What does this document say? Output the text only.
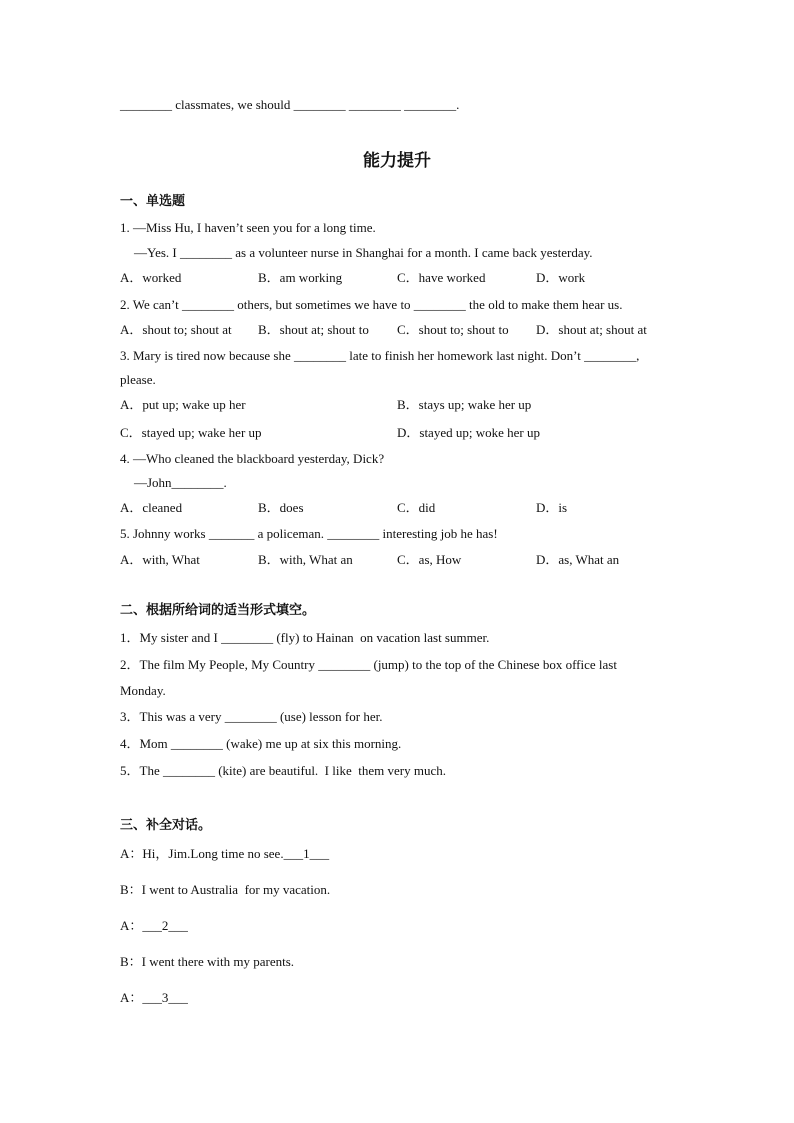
________ classmates, we should ________ ________ ________.
能力提升
一、单选题
1. —Miss Hu, I haven’t seen you for a long time.
—Yes. I ________ as a volunteer nurse in Shanghai for a month. I came back yesterday.
A．worked	B．am working	C．have worked	D．work
2. We can’t ________ others, but sometimes we have to ________ the old to make them hear us.
A．shout to; shout at B．shout at; shout to C．shout to; shout to D．shout at; shout at
3. Mary is tired now because she ________ late to finish her homework last night. Don’t ________,
please.
A．put up; wake up her	B．stays up; wake her up
C．stayed up; wake her up	D．stayed up; woke her up
4. —Who cleaned the blackboard yesterday, Dick?
—John________.
A．cleaned	B．does	C．did	D．is
5. Johnny works _______ a policeman. ________ interesting job he has!
A．with, What	B．with, What an	C．as, How	D．as, What an
二、根据所给词的适当形式填空。
1．My sister and I ________ (fly) to Hainan  on vacation last summer.
2．The film My People, My Country ________ (jump) to the top of the Chinese box office last
Monday.
3．This was a very ________ (use) lesson for her.
4．Mom ________ (wake) me up at six this morning.
5．The ________ (kite) are beautiful.  I like  them very much.
三、补全对话。
A：Hi，Jim.Long time no see.___1___
B：I went to Australia  for my vacation.
A：___2___
B：I went there with my parents.
A：___3___
